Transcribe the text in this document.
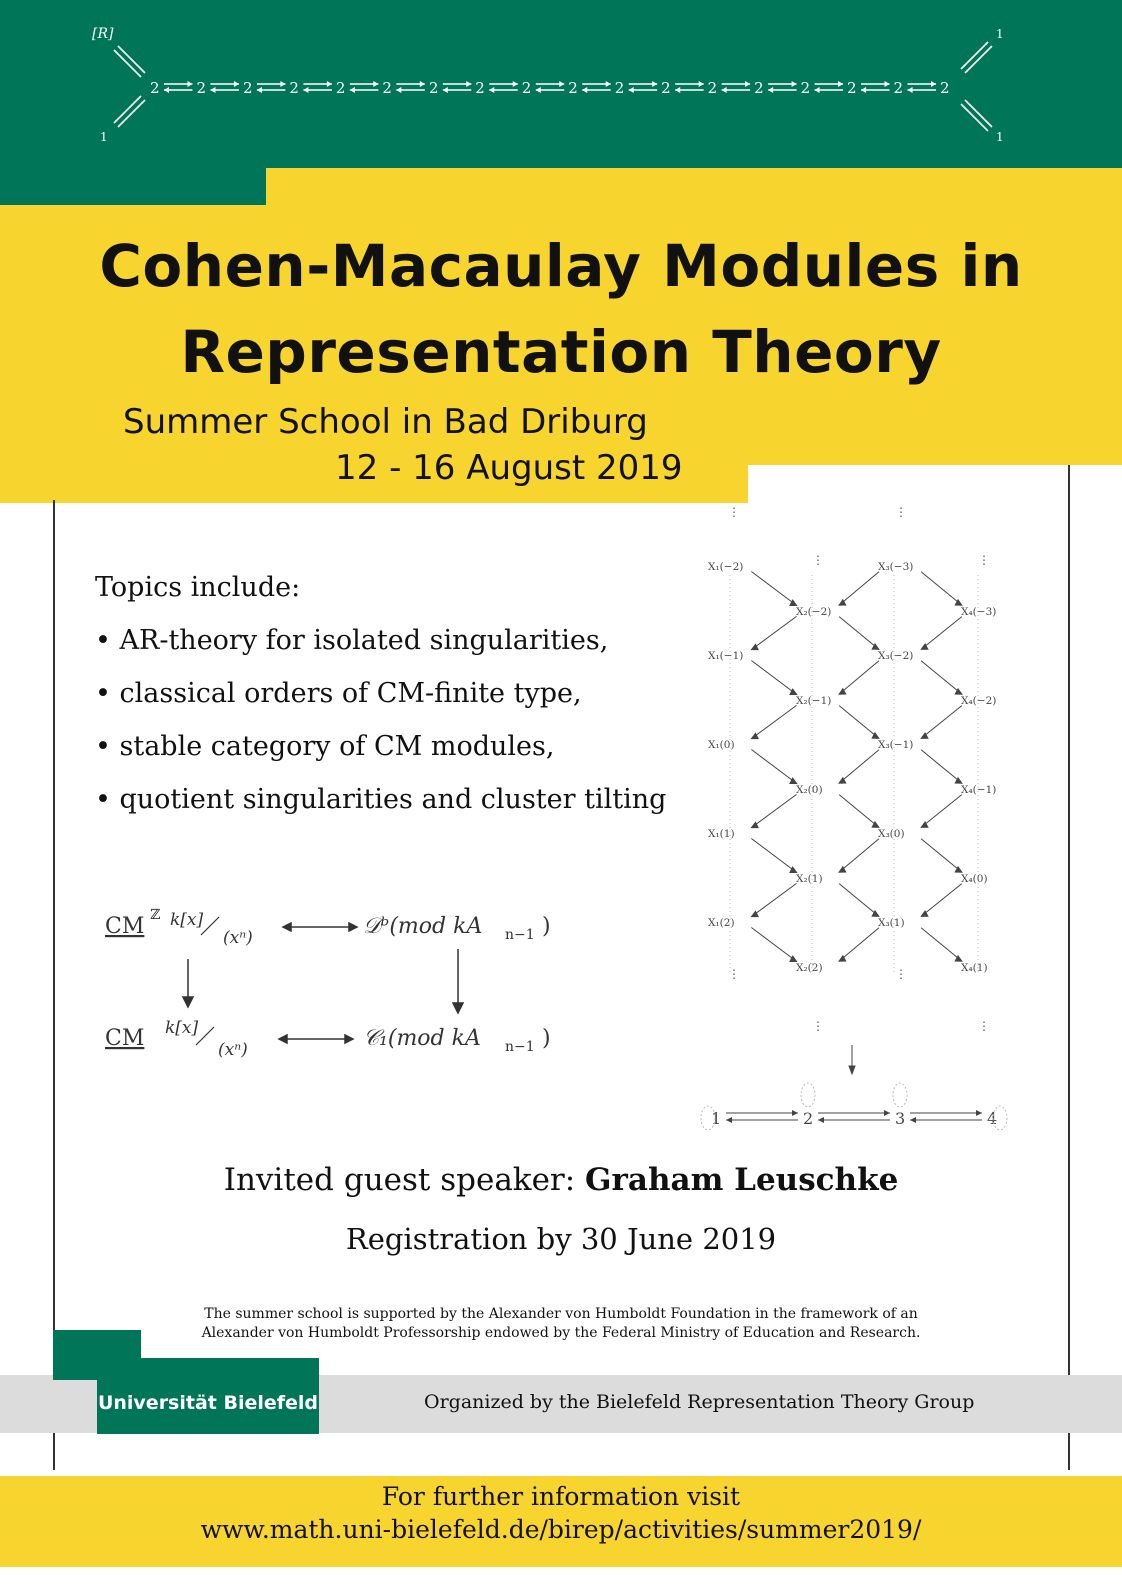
2 2 2 2 2 2 2 2 2 2 2 2 2 2 2 2 2 2
[R]
1
1
1
Cohen-Macaulay Modules in
Representation Theory
Summer School in Bad Driburg
12 - 16 August 2019
Topics include:
• AR-theory for isolated singularities,
• classical orders of CM-finite type,
• stable category of CM modules,
• quotient singularities and cluster tilting
CM ℤ k[x]
(xⁿ)	𝒟ᵇ(mod kA n−1 )
CM k[x]
(xⁿ)	𝒞₁(mod kA n−1 )
X₁(−2)
X₁(−1)
X₁(0)
X₁(1)
X₁(2)
X₂(−2)
X₂(−1)
X₂(0)
X₂(1)
X₂(2)
X₃(−3)
X₃(−2)
X₃(−1)
X₃(0)
X₃(1)
X₄(−3)
X₄(−2)
X₄(−1)
X₄(0)
X₄(1)
⋮	⋮
⋮	⋮
⋮	⋮
⋮	⋮
1	2	3	4
Invited guest speaker: Graham Leuschke
Registration by 30 June 2019
The summer school is supported by the Alexander von Humboldt Foundation in the framework of an
Alexander von Humboldt Professorship endowed by the Federal Ministry of Education and Research.
Universität Bielefeld	Organized by the Bielefeld Representation Theory Group
For further information visit
www.math.uni-bielefeld.de/birep/activities/summer2019/
